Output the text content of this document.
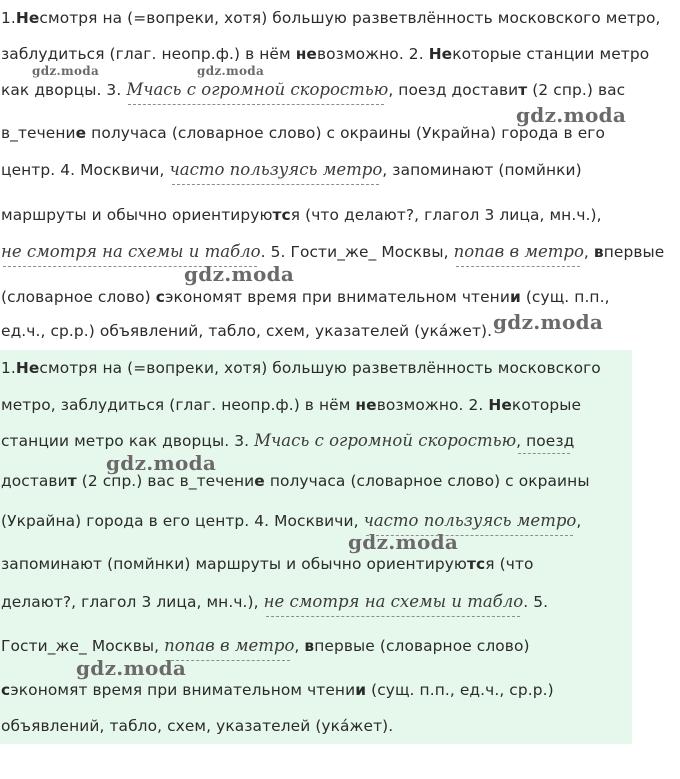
1.Несмотря на (=вопреки, хотя) большую разветвлённость московского метро,
заблудиться (глаг. неопр.ф.) в нём невозможно. 2. Некоторые станции метро
как дворцы. 3. Мчась с огромной скоростью, поезд доставит (2 спр.) вас
в_течение получаса (словарное слово) с окраины (Украйна) города в его
центр. 4. Москвичи, часто пользуясь метро, запоминают (помйнки)
маршруты и обычно ориентируются (что делают?, глагол 3 лица, мн.ч.),
не смотря на схемы и табло. 5. Гости_же_ Москвы, попав в метро, впервые
(словарное слово) сэкономят время при внимательном чтении (сущ. п.п.,
ед.ч., ср.р.) объявлений, табло, схем, указателей (укáжет).
gdz.moda	gdz.moda
gdz.moda
gdz.moda
gdz.moda
1.Несмотря на (=вопреки, хотя) большую разветвлённость московского
метро, заблудиться (глаг. неопр.ф.) в нём невозможно. 2. Некоторые
станции метро как дворцы. 3. Мчась с огромной скоростью, поезд
доставит (2 спр.) вас в_течение получаса (словарное слово) с окраины
(Украйна) города в его центр. 4. Москвичи, часто пользуясь метро,
запоминают (помйнки) маршруты и обычно ориентируются (что
делают?, глагол 3 лица, мн.ч.), не смотря на схемы и табло. 5.
Гости_же_ Москвы, попав в метро, впервые (словарное слово)
сэкономят время при внимательном чтении (сущ. п.п., ед.ч., ср.р.)
объявлений, табло, схем, указателей (укáжет).
gdz.moda
gdz.moda
gdz.moda
